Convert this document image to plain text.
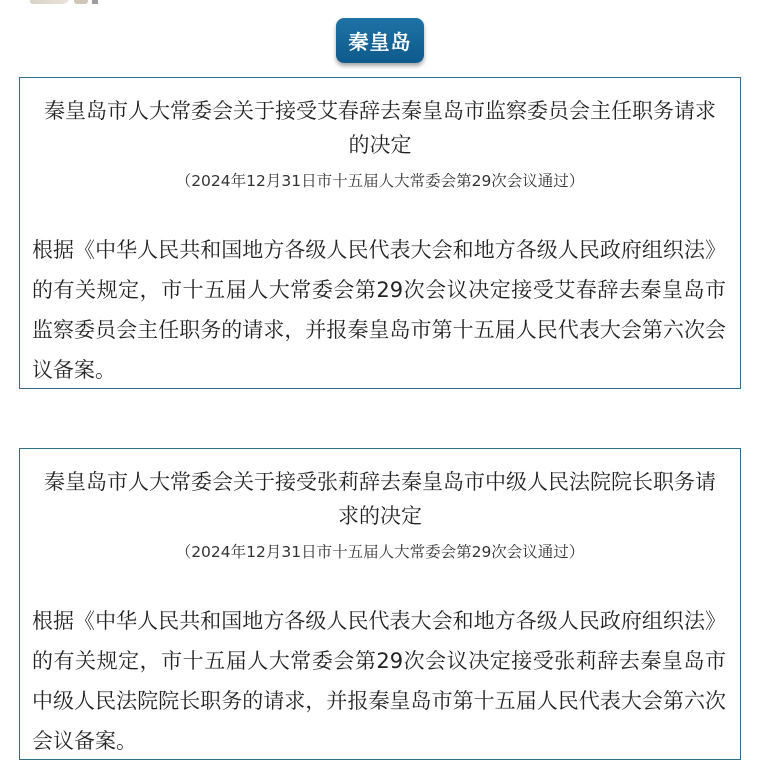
秦皇岛
秦皇岛市人大常委会关于接受艾春辞去秦皇岛市监察委员会主任职务请求的决定
（2024年12月31日市十五届人大常委会第29次会议通过）
根据《中华人民共和国地方各级人民代表大会和地方各级人民政府组织法》的有关规定，市十五届人大常委会第29次会议决定接受艾春辞去秦皇岛市监察委员会主任职务的请求，并报秦皇岛市第十五届人民代表大会第六次会议备案。
秦皇岛市人大常委会关于接受张莉辞去秦皇岛市中级人民法院院长职务请求的决定
（2024年12月31日市十五届人大常委会第29次会议通过）
根据《中华人民共和国地方各级人民代表大会和地方各级人民政府组织法》的有关规定，市十五届人大常委会第29次会议决定接受张莉辞去秦皇岛市中级人民法院院长职务的请求，并报秦皇岛市第十五届人民代表大会第六次会议备案。
